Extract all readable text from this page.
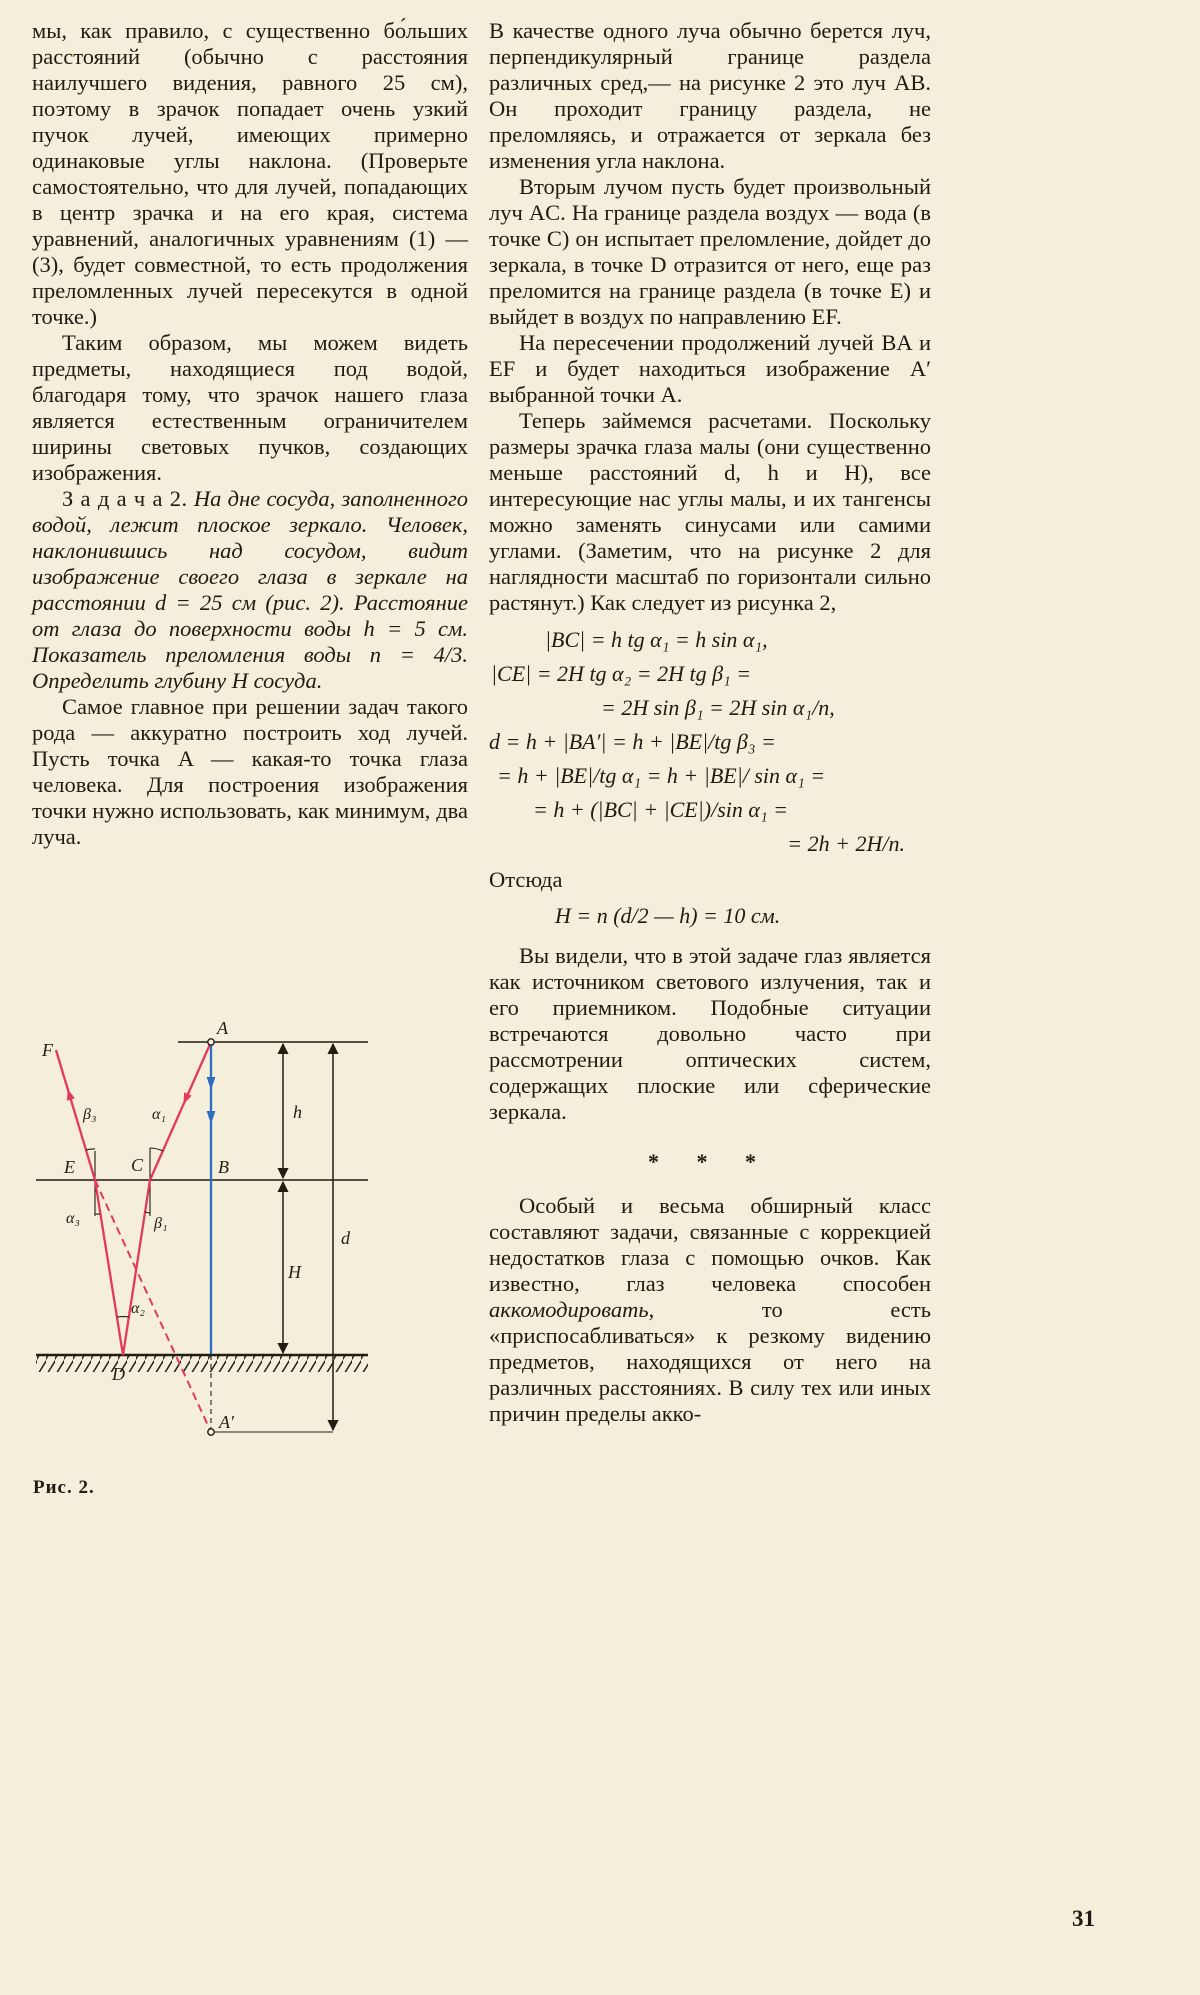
мы, как правило, с существенно бо́льших расстояний (обычно с расстояния наилучшего видения, равного 25 см), поэтому в зрачок попадает очень узкий пучок лучей, имеющих примерно одинаковые углы наклона. (Проверьте самостоятельно, что для лучей, попадающих в центр зрачка и на его края, система уравнений, аналогичных уравнениям (1) — (3), будет совместной, то есть продолжения преломленных лучей пересекутся в одной точке.)

Таким образом, мы можем видеть предметы, находящиеся под водой, благодаря тому, что зрачок нашего глаза является естественным ограничителем ширины световых пучков, создающих изображения.

З а д а ч а 2. На дне сосуда, заполненного водой, лежит плоское зеркало. Человек, наклонившись над сосудом, видит изображение своего глаза в зеркале на расстоянии d = 25 см (рис. 2). Расстояние от глаза до поверхности воды h = 5 см. Показатель преломления воды n = 4/3. Определить глубину H сосуда.

Самое главное при решении задач такого рода — аккуратно построить ход лучей. Пусть точка A — какая-то точка глаза человека. Для построения изображения точки нужно использовать, как минимум, два луча.

F
A
B
C
E
D
A′
h
H
d
β₃	α₁
α₃	β₁
α₂
Рис. 2.

В качестве одного луча обычно берется луч, перпендикулярный границе раздела различных сред,— на рисунке 2 это луч AB. Он проходит границу раздела, не преломляясь, и отражается от зеркала без изменения угла наклона.

Вторым лучом пусть будет произвольный луч AC. На границе раздела воздух — вода (в точке C) он испытает преломление, дойдет до зеркала, в точке D отразится от него, еще раз преломится на границе раздела (в точке E) и выйдет в воздух по направлению EF.

На пересечении продолжений лучей BA и EF и будет находиться изображение A′ выбранной точки A.

Теперь займемся расчетами. Поскольку размеры зрачка глаза малы (они существенно меньше расстояний d, h и H), все интересующие нас углы малы, и их тангенсы можно заменять синусами или самими углами. (Заметим, что на рисунке 2 для наглядности масштаб по горизонтали сильно растянут.) Как следует из рисунка 2,

|BC| = h tg α₁ = h sin α₁,
|CE| = 2H tg α₂ = 2H tg β₁ =
= 2H sin β₁ = 2H sin α₁/n,
d = h + |BA′| = h + |BE|/tg β₃ =
= h + |BE|/tg α₁ = h + |BE|/ sin α₁ =
= h + (|BC| + |CE|)/sin α₁ =
= 2h + 2H/n.

Отсюда

H = n (d/2 — h) = 10 см.

Вы видели, что в этой задаче глаз является как источником светового излучения, так и его приемником. Подобные ситуации встречаются довольно часто при рассмотрении оптических систем, содержащих плоские или сферические зеркала.

* * *

Особый и весьма обширный класс составляют задачи, связанные с коррекцией недостатков глаза с помощью очков. Как известно, глаз человека способен аккомодировать, то есть «приспосабливаться» к резкому видению предметов, находящихся от него на различных расстояниях. В силу тех или иных причин пределы акко-

31
